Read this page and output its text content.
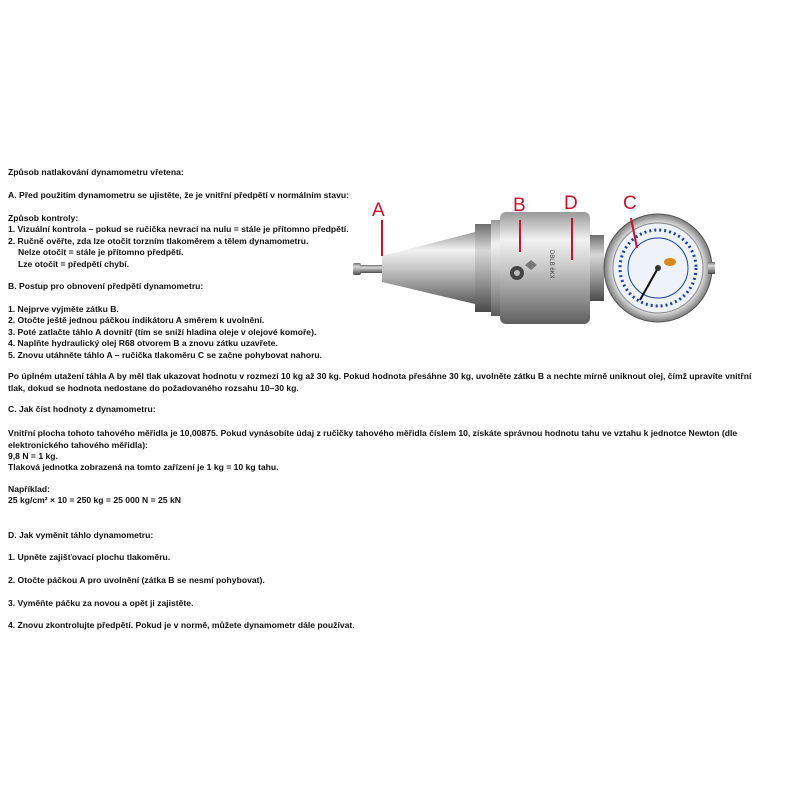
Způsob natlakování dynamometru vřetena:
A. Před použitím dynamometru se ujistěte, že je vnitřní předpětí v normálním stavu:
Způsob kontroly:
1. Vizuální kontrola – pokud se ručička nevrací na nulu = stále je přítomno předpětí.
2. Ručně ověřte, zda lze otočit torzním tlakoměrem a tělem dynamometru.
Nelze otočit = stále je přítomno předpětí.
Lze otočit = předpětí chybí.
B. Postup pro obnovení předpětí dynamometru:
1. Nejprve vyjměte zátku B.
2. Otočte ještě jednou páčkou indikátoru A směrem k uvolnění.
3. Poté zatlačte táhlo A dovnitř (tím se sníží hladina oleje v olejové komoře).
4. Naplňte hydraulický olej R68 otvorem B a znovu zátku uzavřete.
5. Znovu utáhněte táhlo A – ručička tlakoměru C se začne pohybovat nahoru.
Po úplném utažení táhla A by měl tlak ukazovat hodnotu v rozmezí 10 kg až 30 kg. Pokud hodnota přesáhne 30 kg, uvolněte zátku B a nechte mírně uniknout olej, čímž upravíte vnitřní tlak, dokud se hodnota nedostane do požadovaného rozsahu 10–30 kg.
C. Jak číst hodnoty z dynamometru:
Vnitřní plocha tohoto tahového měřidla je 10,00875. Pokud vynásobíte údaj z ručičky tahového měřidla číslem 10, získáte správnou hodnotu tahu ve vztahu k jednotce Newton (dle elektronického tahového měřidla):
9,8 N = 1 kg.
Tlaková jednotka zobrazená na tomto zařízení je 1 kg = 10 kg tahu.
Například:
25 kg/cm² × 10 = 250 kg = 25 000 N = 25 kN
D. Jak vyměnit táhlo dynamometru:
1. Upněte zajišťovací plochu tlakoměru.
2. Otočte páčkou A pro uvolnění (zátka B se nesmí pohybovat).
3. Vyměňte páčku za novou a opět ji zajistěte.
4. Znovu zkontrolujte předpětí. Pokud je v normě, můžete dynamometr dále používat.
DBLB 6KX
A	B D C
